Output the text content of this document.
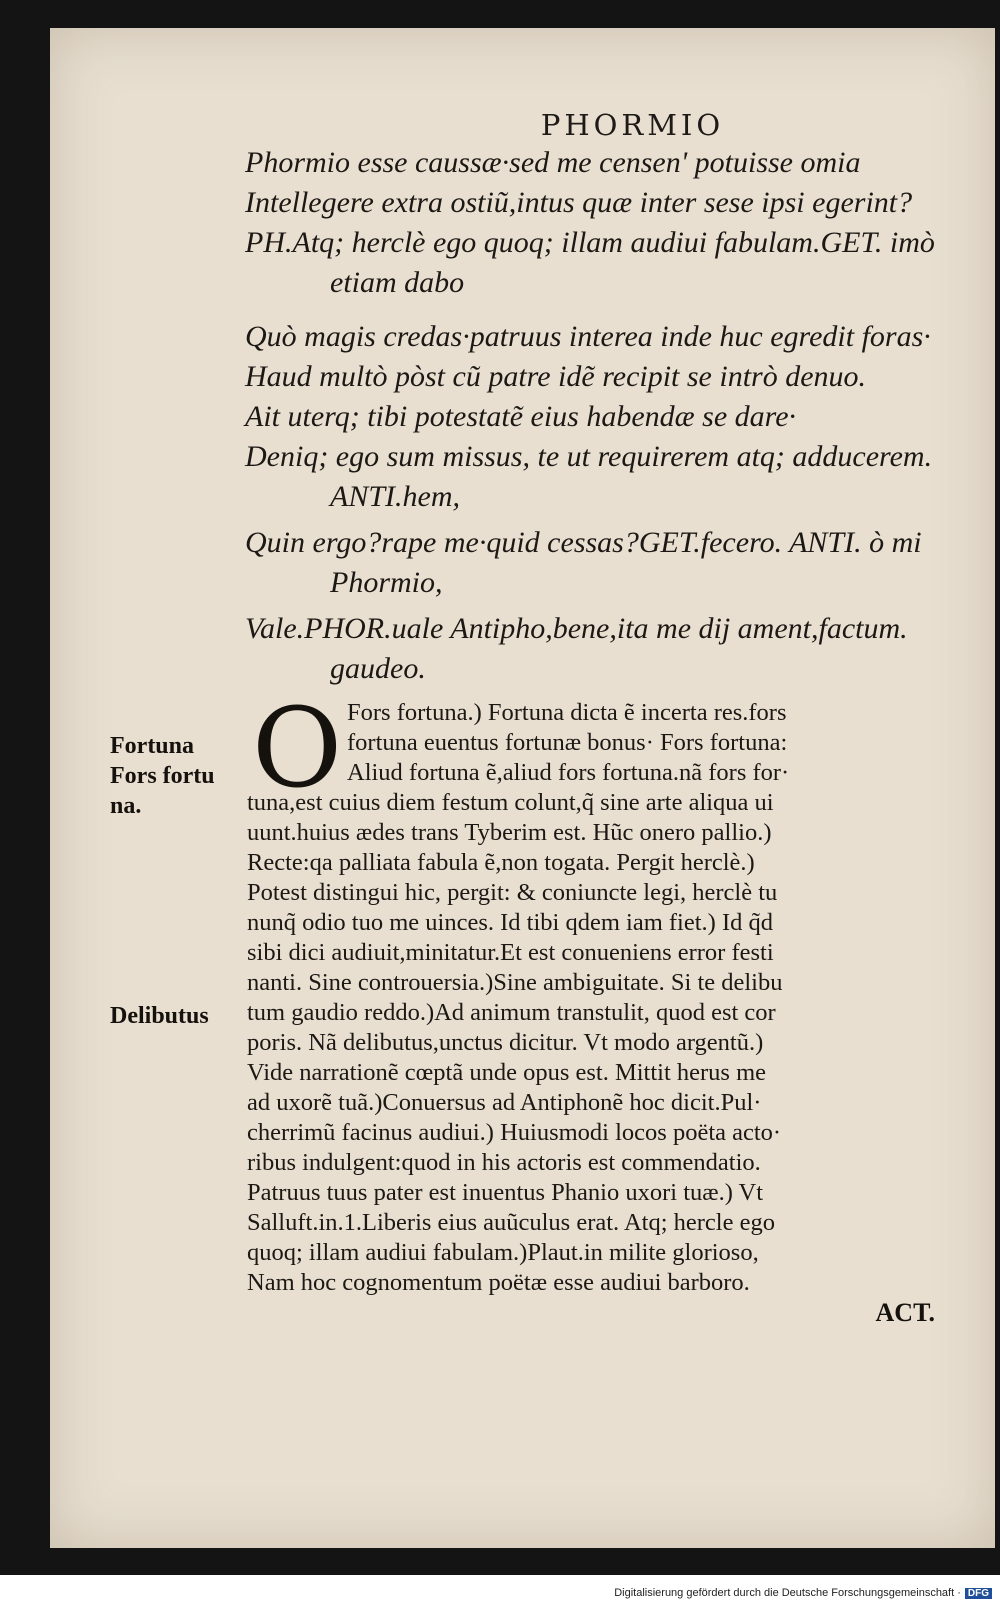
PHORMIO
Phormio esse caussæ·sed me censen' potuisse omia
Intellegere extra ostiũ,intus quæ inter sese ipsi egerint?
PH.Atq; herclè ego quoq; illam audiui fabulam.GET. imò
etiam dabo
Quò magis credas·patruus interea inde huc egredit foras·
Haud multò pòst cũ patre idẽ recipit se intrò denuo.
Ait uterq; tibi potestatẽ eius habendæ se dare·
Deniq; ego sum missus, te ut requirerem atq; adducerem.
ANTI.hem,
Quin ergo?rape me·quid cessas?GET.fecero. ANTI. ò mi
Phormio,
Vale.PHOR.uale Antipho,bene,ita me dij ament,factum.
gaudeo.
O Fors fortuna.) Fortuna dicta ẽ incerta res.fors
fortuna euentus fortunæ bonus· Fors fortuna:
Aliud fortuna ẽ,aliud fors fortuna.nã fors for·
tuna,est cuius diem festum colunt,q̃ sine arte aliqua ui
uunt.huius ædes trans Tyberim est. Hũc onero pallio.)
Recte:qa palliata fabula ẽ,non togata. Pergit herclè.)
Potest distingui hic, pergit: & coniuncte legi, herclè tu
nunq̃ odio tuo me uinces. Id tibi qdem iam fiet.) Id q̃d
sibi dici audiuit,minitatur.Et est conueniens error festi
nanti. Sine controuersia.)Sine ambiguitate. Si te delibu
tum gaudio reddo.)Ad animum transtulit, quod est cor
poris. Nã delibutus,unctus dicitur. Vt modo argentũ.)
Vide narrationẽ cœptã unde opus est. Mittit herus me
ad uxorẽ tuã.)Conuersus ad Antiphonẽ hoc dicit.Pul·
cherrimũ facinus audiui.) Huiusmodi locos poëta acto·
ribus indulgent:quod in his actoris est commendatio.
Patruus tuus pater est inuentus Phanio uxori tuæ.) Vt
Salluft.in.1.Liberis eius auũculus erat. Atq; hercle ego
quoq; illam audiui fabulam.)Plaut.in milite glorioso,
Nam hoc cognomentum poëtæ esse audiui barboro.
Fortuna
Fors fortu
na.
Delibutus
ACT.
Digitalisierung gefördert durch die Deutsche Forschungsgemeinschaft · DFG
